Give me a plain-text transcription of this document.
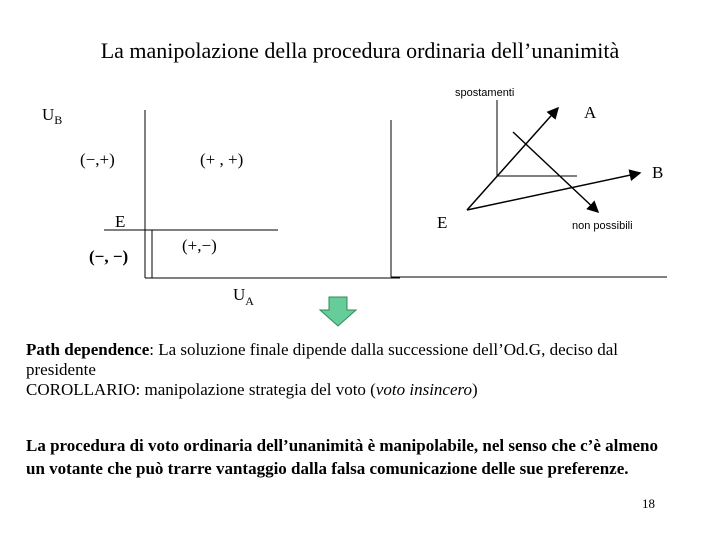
La manipolazione della procedura ordinaria dell’unanimità
$U_B$
$U_A$
(−,+)	(+ , +)
(−, −)
(+,−)
E
spostamenti
A
B
E	non possibili
Path dependence: La soluzione finale dipende dalla successione dell’Od.G, deciso dal presidente
COROLLARIO: manipolazione strategia del voto (voto insincero)
La procedura di voto ordinaria dell’unanimità è manipolabile, nel senso che c’è almeno un votante che può trarre vantaggio dalla falsa comunicazione delle sue preferenze.
18
